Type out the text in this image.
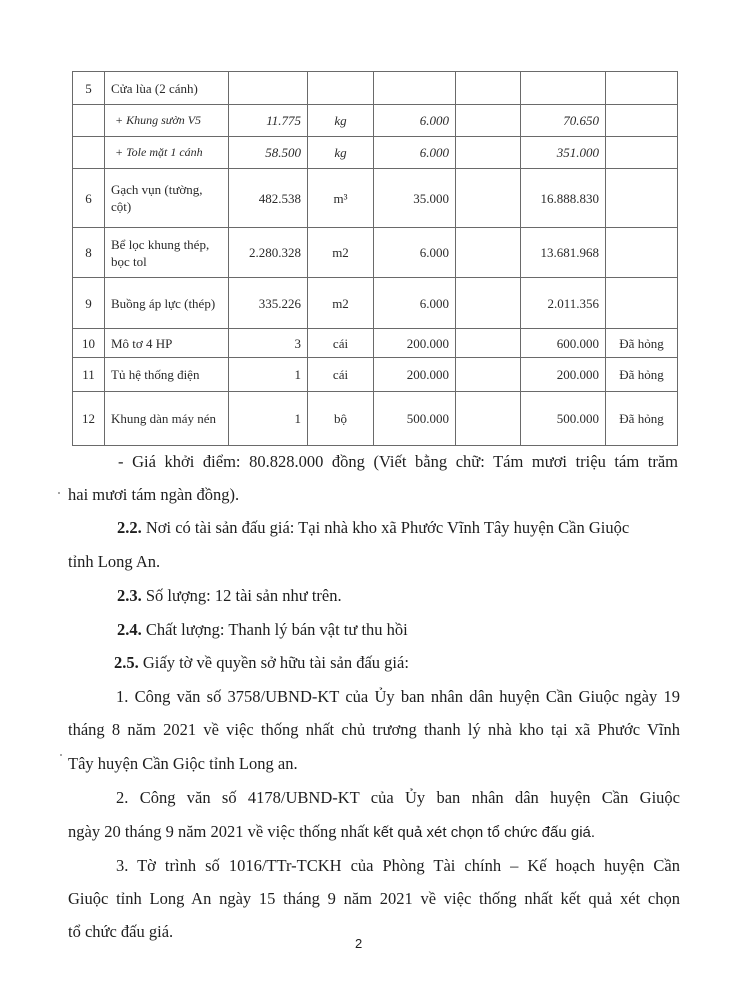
5	Cửa lùa (2 cánh)						
	+ Khung sườn V5	11.775	kg	6.000		70.650	
	+ Tole mặt 1 cánh	58.500	kg	6.000		351.000	
6	Gạch vụn (tường, cột)	482.538	m³	35.000		16.888.830	
8	Bể lọc khung thép, bọc tol	2.280.328	m2	6.000		13.681.968	
9	Buồng áp lực (thép)	335.226	m2	6.000		2.011.356	
10	Mô tơ 4 HP	3	cái	200.000		600.000	Đã hỏng
11	Tủ hệ thống điện	1	cái	200.000		200.000	Đã hỏng
12	Khung dàn máy nén	1	bộ	500.000		500.000	Đã hỏng
- Giá khởi điểm: 80.828.000 đồng (Viết bằng chữ: Tám mươi triệu tám trăm
hai mươi tám ngàn đồng).
2.2. Nơi có tài sản đấu giá: Tại nhà kho xã Phước Vĩnh Tây huyện Cần Giuộc
tỉnh Long An.
2.3. Số lượng: 12 tài sản như trên.
2.4. Chất lượng: Thanh lý bán vật tư thu hồi
2.5. Giấy tờ về quyền sở hữu tài sản đấu giá:
1. Công văn số 3758/UBND-KT của Ủy ban nhân dân huyện Cần Giuộc ngày 19
tháng 8 năm 2021 về việc thống nhất chủ trương thanh lý nhà kho tại xã Phước Vĩnh
Tây huyện Cần Giộc tỉnh Long an.
2. Công văn số 4178/UBND-KT của Ủy ban nhân dân huyện Cần Giuộc
ngày 20 tháng 9 năm 2021 về việc thống nhất kết quả xét chọn tổ chức đấu giá.
3. Tờ trình số 1016/TTr-TCKH của Phòng Tài chính – Kế hoạch huyện Cần
Giuộc tỉnh Long An ngày 15 tháng 9 năm 2021 về việc thống nhất kết quả xét chọn
tổ chức đấu giá.
2
